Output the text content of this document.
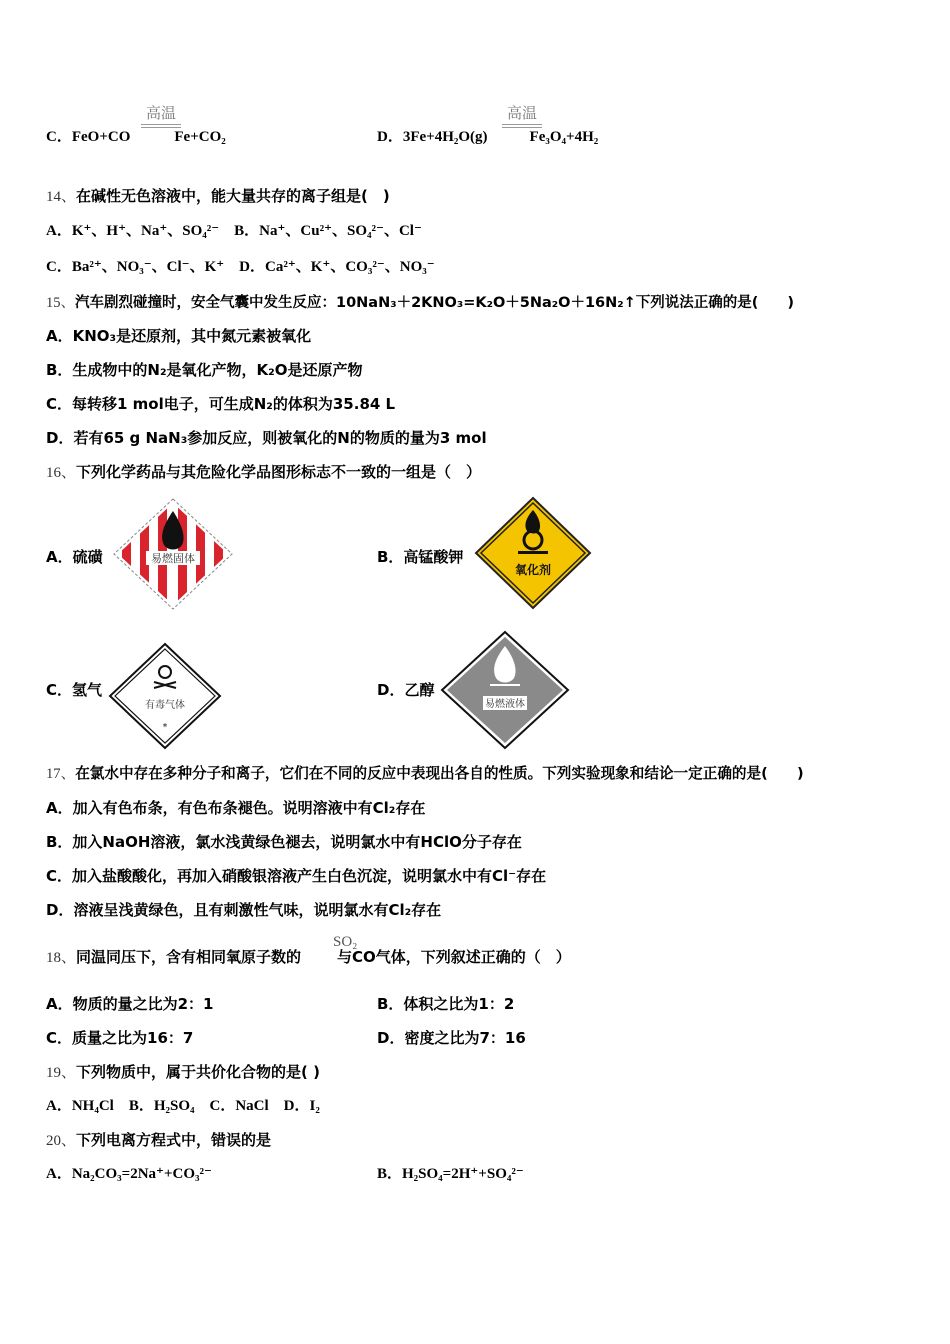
C．FeO+CO	Fe+CO₂
高温
D．3Fe+4H₂O(g)	Fe₃O₄+4H₂
高温
14、在碱性无色溶液中，能大量共存的离子组是(　)
A．K⁺、H⁺、Na⁺、SO₄²⁻　B．Na⁺、Cu²⁺、SO₄²⁻、Cl⁻
C．Ba²⁺、NO₃⁻、Cl⁻、K⁺　D．Ca²⁺、K⁺、CO₃²⁻、NO₃⁻
15、汽车剧烈碰撞时，安全气囊中发生反应：10NaN₃＋2KNO₃=K₂O＋5Na₂O＋16N₂↑下列说法正确的是(　　)
A．KNO₃是还原剂，其中氮元素被氧化
B．生成物中的N₂是氧化产物，K₂O是还原产物
C．每转移1 mol电子，可生成N₂的体积为35.84 L
D．若有65 g NaN₃参加反应，则被氧化的N的物质的量为3 mol
16、下列化学药品与其危险化学品图形标志不一致的一组是（　）
A．硫磺	易燃固体	B．高锰酸钾
氧化剂
C．氢气
有毒气体
*
D．乙醇
易燃液体
17、在氯水中存在多种分子和离子，它们在不同的反应中表现出各自的性质。下列实验现象和结论一定正确的是(　　)
A．加入有色布条，有色布条褪色。说明溶液中有Cl₂存在
B．加入NaOH溶液，氯水浅黄绿色褪去，说明氯水中有HClO分子存在
C．加入盐酸酸化，再加入硝酸银溶液产生白色沉淀，说明氯水中有Cl⁻存在
D．溶液呈浅黄绿色，且有刺激性气味，说明氯水有Cl₂存在
18、同温同压下，含有相同氧原子数的 与CO气体，下列叙述正确的（　）
SO₂
A．物质的量之比为2：1	B．体积之比为1：2
C．质量之比为16：7	D．密度之比为7：16
19、下列物质中，属于共价化合物的是( )
A．NH₄Cl　B．H₂SO₄　C．NaCl　D．I₂
20、下列电离方程式中，错误的是
A．Na₂CO₃=2Na⁺+CO₃²⁻	B．H₂SO₄=2H⁺+SO₄²⁻
